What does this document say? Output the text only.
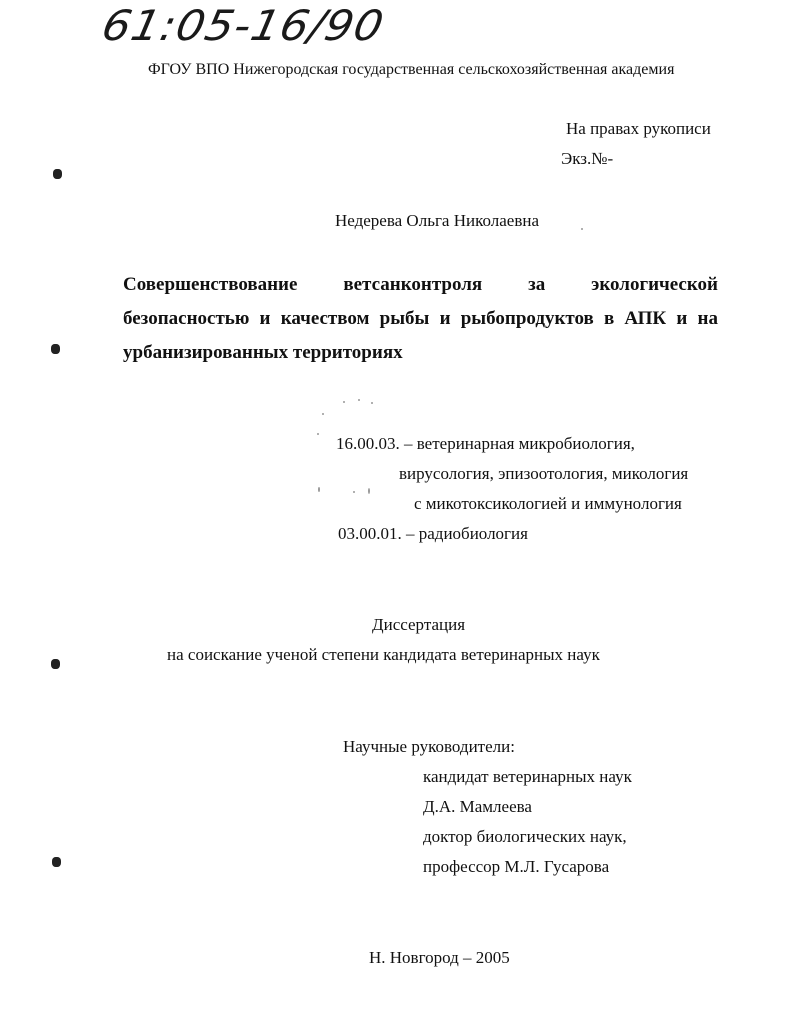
61:05-16/90
ФГОУ ВПО Нижегородская государственная сельскохозяйственная академия
На правах рукописи
Экз.№-
Недерева Ольга Николаевна
Совершенствование ветсанконтроля за экологической
безопасностью и качеством рыбы и рыбопродуктов в АПК и на
урбанизированных территориях
16.00.03. – ветеринарная микробиология,
вирусология, эпизоотология, микология
с микотоксикологией и иммунология
03.00.01. – радиобиология
Диссертация
на соискание ученой степени кандидата ветеринарных наук
Научные руководители:
кандидат ветеринарных наук
Д.А. Мамлеева
доктор биологических наук,
профессор М.Л. Гусарова
Н. Новгород – 2005
